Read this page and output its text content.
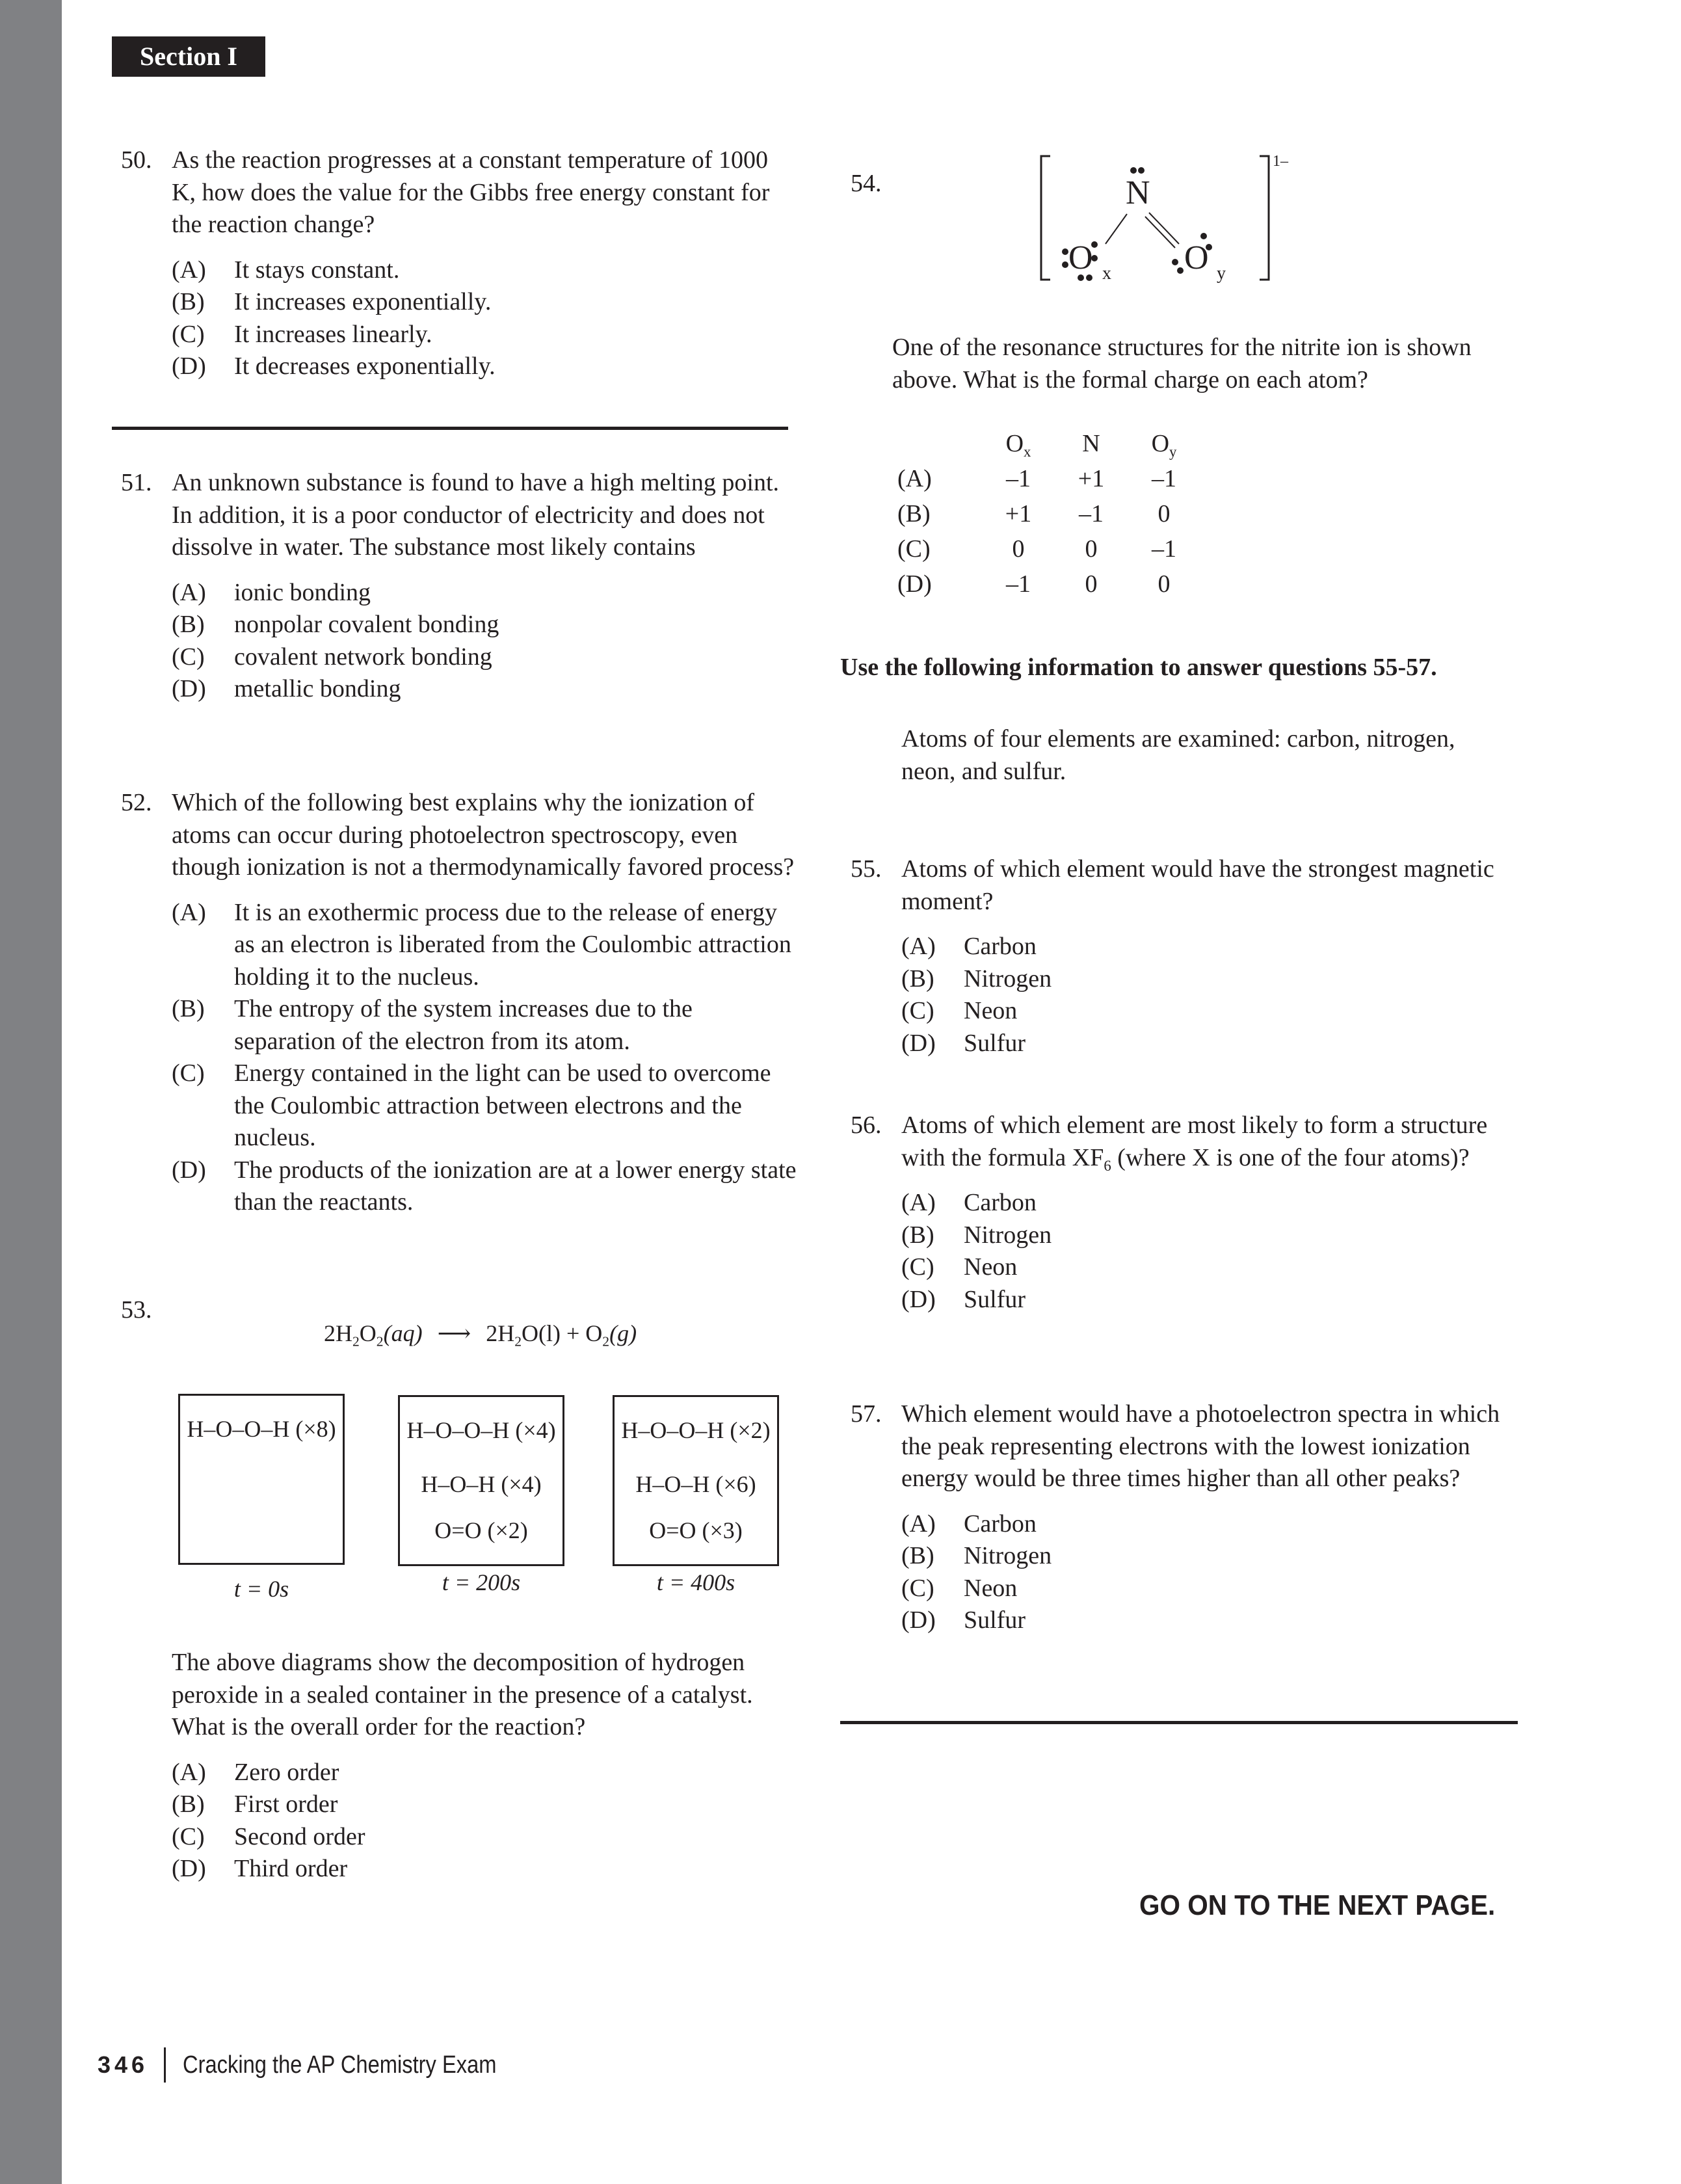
Section I
50. As the reaction progresses at a constant temperature of 1000 K, how does the value for the Gibbs free energy constant for the reaction change?
(A)	It stays constant.
(B)	It increases exponentially.
(C)	It increases linearly.
(D)	It decreases exponentially.
51. An unknown substance is found to have a high melting point. In addition, it is a poor conductor of electricity and does not dissolve in water. The substance most likely contains
(A)	ionic bonding
(B)	nonpolar covalent bonding
(C)	covalent network bonding
(D)	metallic bonding
52. Which of the following best explains why the ionization of atoms can occur during photoelectron spectroscopy, even though ionization is not a thermodynamically favored process?
(A)	It is an exothermic process due to the release of energy as an electron is liberated from the Coulombic attraction holding it to the nucleus.
(B)	The entropy of the system increases due to the separation of the electron from its atom.
(C)	Energy contained in the light can be used to overcome the Coulombic attraction between electrons and the nucleus.
(D)	The products of the ionization are at a lower energy state than the reactants.
53.
$2H_2O_2(aq)$ ⟶ $2H_2O(l) + O_2(g)$
H–O–O–H (×8)	H–O–O–H (×4)
H–O–H (×4)
O=O (×2)
H–O–O–H (×2)
H–O–H (×6)
O=O (×3)
t = 0s	t = 200s	t = 400s
The above diagrams show the decomposition of hydrogen peroxide in a sealed container in the presence of a catalyst. What is the overall order for the reaction?
(A)	Zero order
(B)	First order
(C)	Second order
(D)	Third order
54.	N
O x O y
1–
One of the resonance structures for the nitrite ion is shown above. What is the formal charge on each atom?
$O_x$	N	$O_y$
(A)	–1	+1	–1
(B)	+1	–1	0
(C)	0	0	–1
(D)	–1	0	0
Use the following information to answer questions 55-57.
Atoms of four elements are examined: carbon, nitrogen, neon, and sulfur.
55. Atoms of which element would have the strongest magnetic moment?
(A)	Carbon
(B)	Nitrogen
(C)	Neon
(D)	Sulfur
56. Atoms of which element are most likely to form a structure with the formula $XF_6$ (where X is one of the four atoms)?
(A)	Carbon
(B)	Nitrogen
(C)	Neon
(D)	Sulfur
57. Which element would have a photoelectron spectra in which the peak representing electrons with the lowest ionization energy would be three times higher than all other peaks?
(A)	Carbon
(B)	Nitrogen
(C)	Neon
(D)	Sulfur
GO ON TO THE NEXT PAGE.
346 Cracking the AP Chemistry Exam
